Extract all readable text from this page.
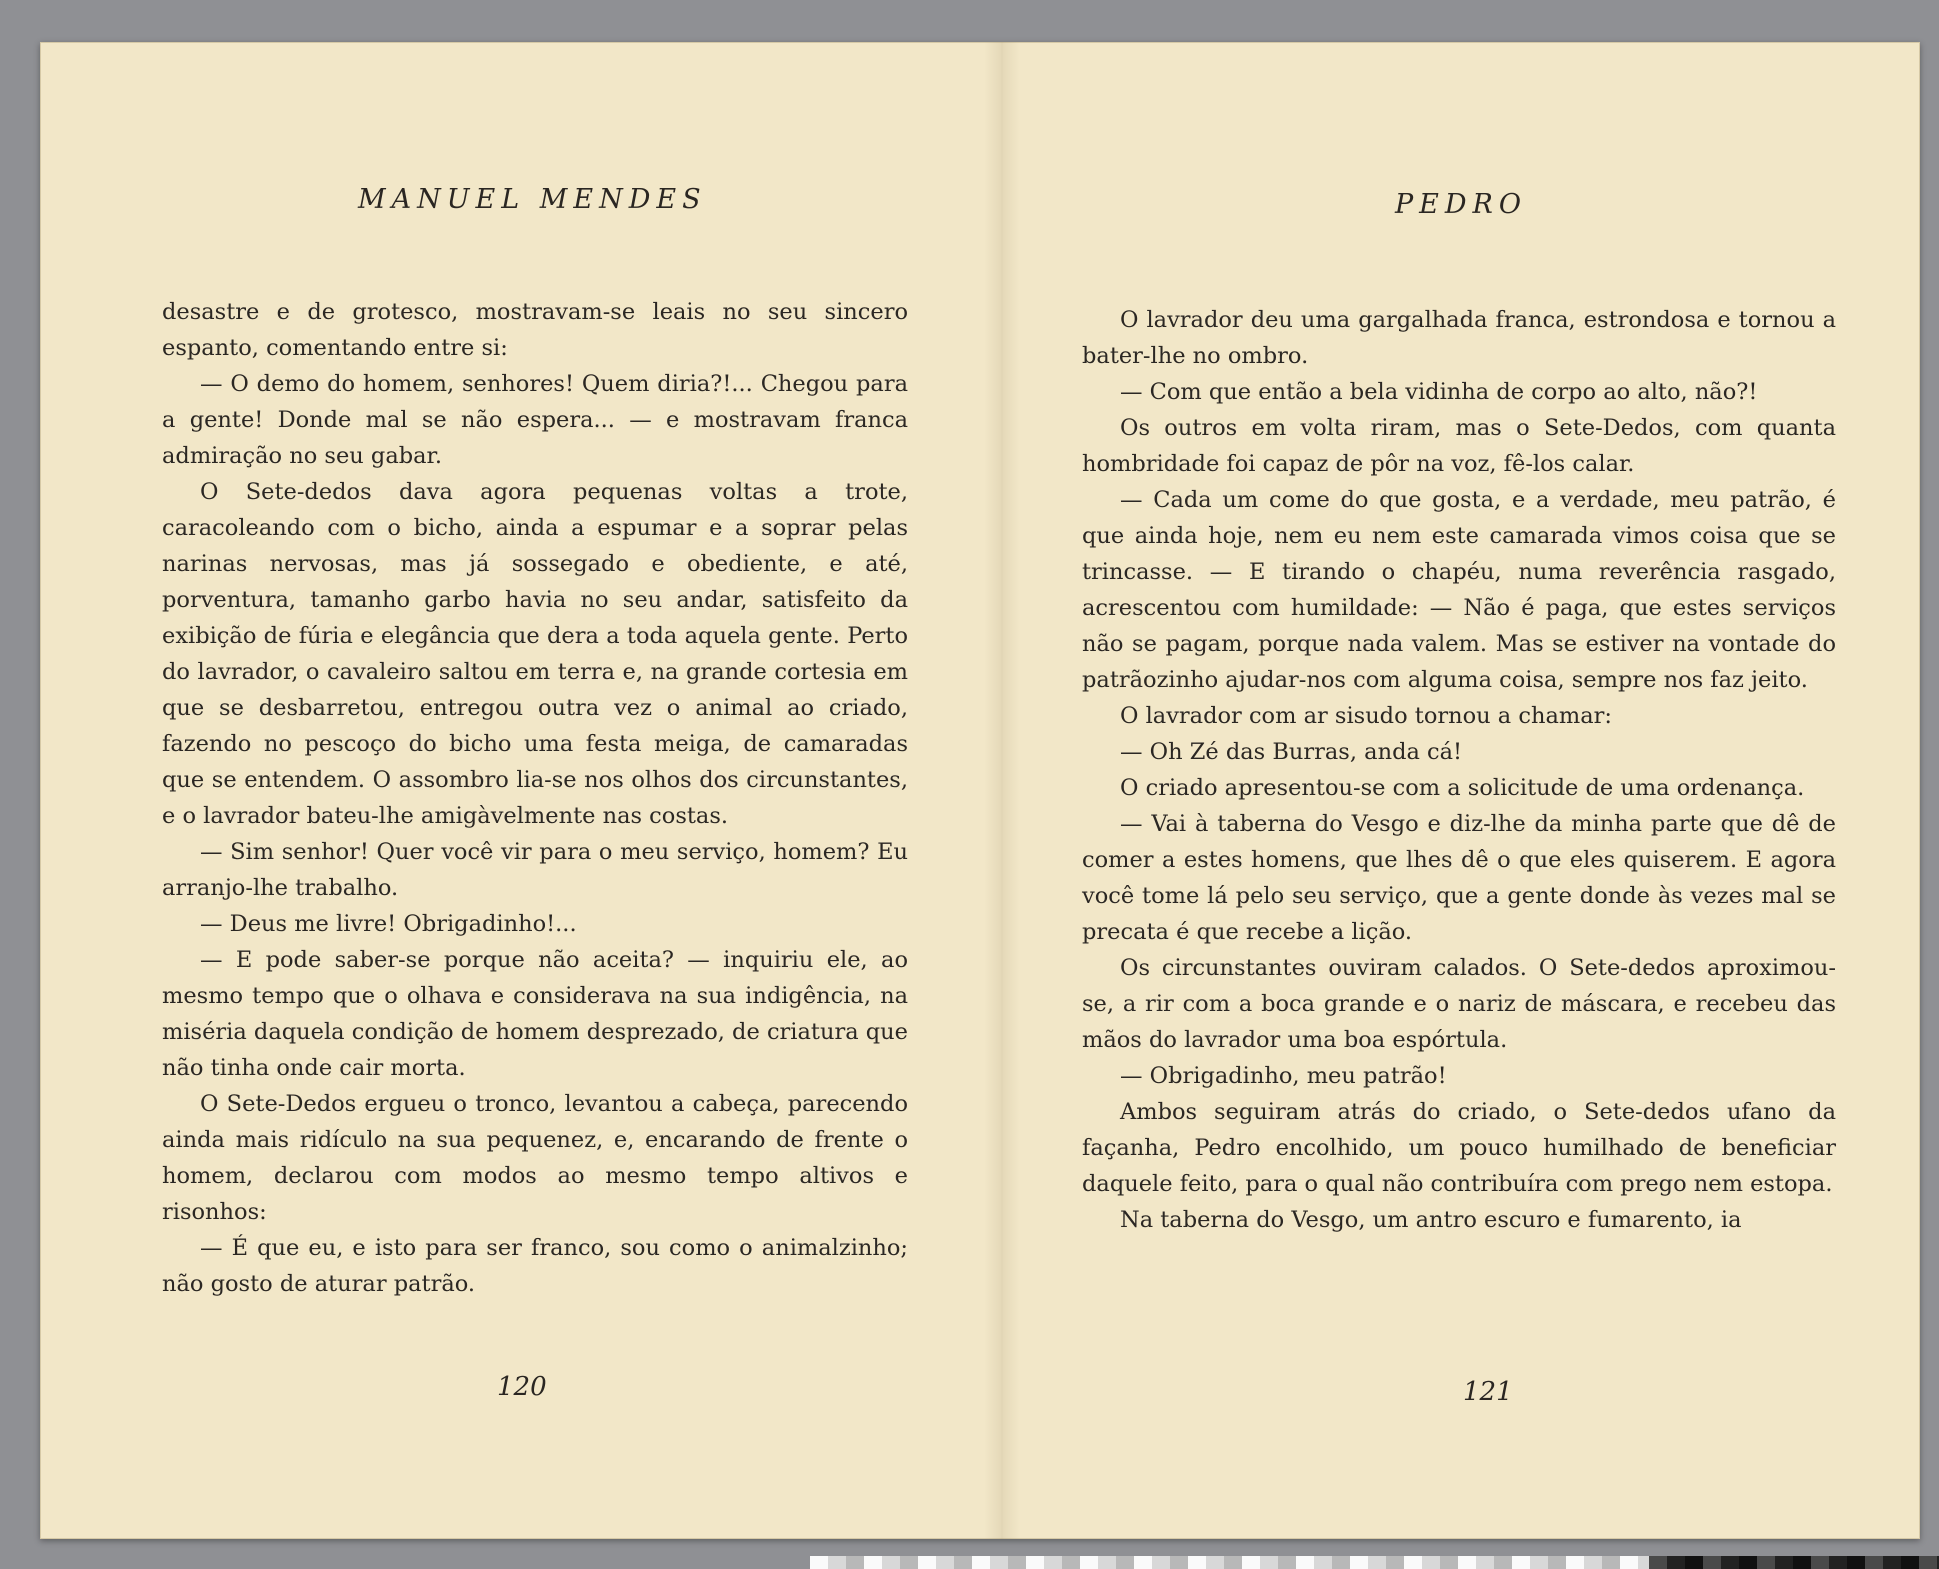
MANUEL MENDES

desastre e de grotesco, mostravam-se leais no seu sincero espanto, comentando entre si:

— O demo do homem, senhores! Quem diria?!... Chegou para a gente! Donde mal se não espera... — e mostravam franca admiração no seu gabar.

O Sete-dedos dava agora pequenas voltas a trote, caracoleando com o bicho, ainda a espumar e a soprar pelas narinas nervosas, mas já sossegado e obediente, e até, porventura, tamanho garbo havia no seu andar, satisfeito da exibição de fúria e elegância que dera a toda aquela gente. Perto do lavrador, o cavaleiro saltou em terra e, na grande cortesia em que se desbarretou, entregou outra vez o animal ao criado, fazendo no pescoço do bicho uma festa meiga, de camaradas que se entendem. O assombro lia-se nos olhos dos circunstantes, e o lavrador bateu-lhe amigàvelmente nas costas.

— Sim senhor! Quer você vir para o meu serviço, homem? Eu arranjo-lhe trabalho.

— Deus me livre! Obrigadinho!...

— E pode saber-se porque não aceita? — inquiriu ele, ao mesmo tempo que o olhava e considerava na sua indigência, na miséria daquela condição de homem desprezado, de criatura que não tinha onde cair morta.

O Sete-Dedos ergueu o tronco, levantou a cabeça, parecendo ainda mais ridículo na sua pequenez, e, encarando de frente o homem, declarou com modos ao mesmo tempo altivos e risonhos:

— É que eu, e isto para ser franco, sou como o animalzinho; não gosto de aturar patrão.

120
PEDRO

O lavrador deu uma gargalhada franca, estrondosa e tornou a bater-lhe no ombro.

— Com que então a bela vidinha de corpo ao alto, não?!

Os outros em volta riram, mas o Sete-Dedos, com quanta hombridade foi capaz de pôr na voz, fê-los calar.

— Cada um come do que gosta, e a verdade, meu patrão, é que ainda hoje, nem eu nem este camarada vimos coisa que se trincasse. — E tirando o chapéu, numa reverência rasgado, acrescentou com humildade: — Não é paga, que estes serviços não se pagam, porque nada valem. Mas se estiver na vontade do patrãozinho ajudar-nos com alguma coisa, sempre nos faz jeito.

O lavrador com ar sisudo tornou a chamar:

— Oh Zé das Burras, anda cá!

O criado apresentou-se com a solicitude de uma ordenança.

— Vai à taberna do Vesgo e diz-lhe da minha parte que dê de comer a estes homens, que lhes dê o que eles quiserem. E agora você tome lá pelo seu serviço, que a gente donde às vezes mal se precata é que recebe a lição.

Os circunstantes ouviram calados. O Sete-dedos aproximou-se, a rir com a boca grande e o nariz de máscara, e recebeu das mãos do lavrador uma boa espórtula.

— Obrigadinho, meu patrão!

Ambos seguiram atrás do criado, o Sete-dedos ufano da façanha, Pedro encolhido, um pouco humilhado de beneficiar daquele feito, para o qual não contribuíra com prego nem estopa.

Na taberna do Vesgo, um antro escuro e fumarento, ia

121
